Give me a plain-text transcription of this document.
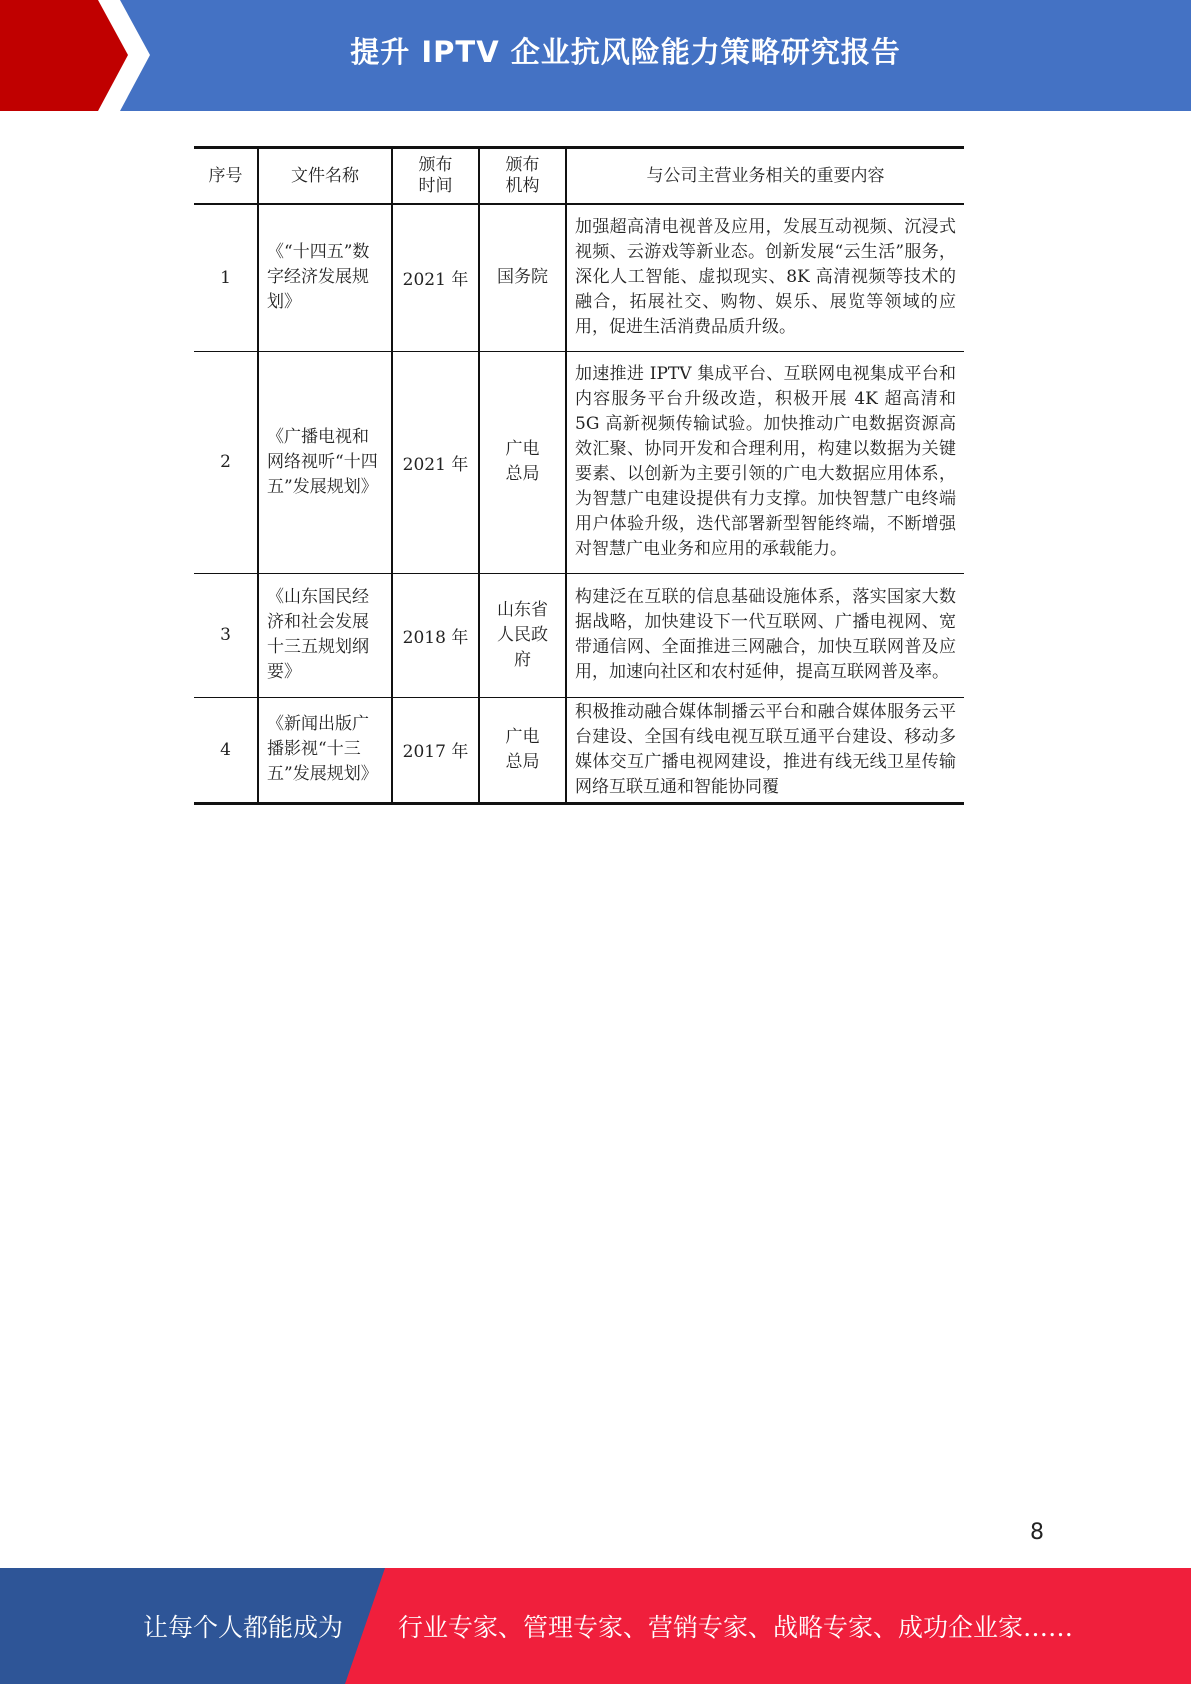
提升 IPTV 企业抗风险能力策略研究报告
序号	文件名称	颁布时间	颁布机构	与公司主营业务相关的重要内容
1	《“十四五”数字经济发展规划》	2021 年	国务院	加强超高清电视普及应用，发展互动视频、沉浸式视频、云游戏等新业态。创新发展“云生活”服务，深化人工智能、虚拟现实、8K 高清视频等技术的融合，拓展社交、购物、娱乐、展览等领域的应用，促进生活消费品质升级。
2	《广播电视和网络视听“十四五”发展规划》	2021 年	广电总局	加速推进 IPTV 集成平台、互联网电视集成平台和内容服务平台升级改造，积极开展 4K 超高清和 5G 高新视频传输试验。加快推动广电数据资源高效汇聚、协同开发和合理利用，构建以数据为关键要素、以创新为主要引领的广电大数据应用体系，为智慧广电建设提供有力支撑。加快智慧广电终端用户体验升级，迭代部署新型智能终端，不断增强对智慧广电业务和应用的承载能力。
3	《山东国民经济和社会发展十三五规划纲要》	2018 年	山东省人民政府	构建泛在互联的信息基础设施体系，落实国家大数据战略，加快建设下一代互联网、广播电视网、宽带通信网、全面推进三网融合，加快互联网普及应用，加速向社区和农村延伸，提高互联网普及率。
4	《新闻出版广播影视“十三五”发展规划》	2017 年	广电总局	积极推动融合媒体制播云平台和融合媒体服务云平台建设、全国有线电视互联互通平台建设、移动多媒体交互广播电视网建设，推进有线无线卫星传输网络互联互通和智能协同覆
8
让每个人都能成为 行业专家、管理专家、营销专家、战略专家、成功企业家……
